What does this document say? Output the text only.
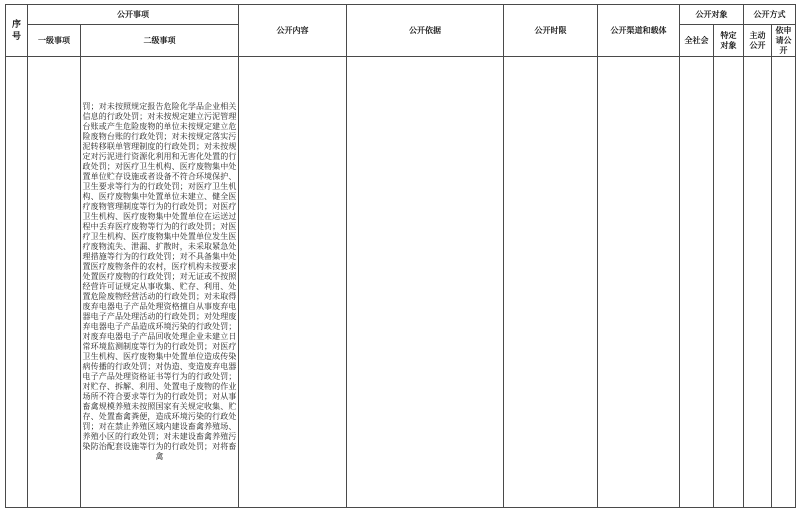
序号	公开事项		公开内容	公开依据	公开时限	公开渠道和载体	公开对象		公开方式	
	一级事项	二级事项					全社会	特定对象	主动公开	依申请公开
		罚；对未按照规定报告危险化学品企业相关信息的行政处罚；对未按规定建立污泥管理台账或产生危险废物的单位未按规定建立危险废物台账的行政处罚；对未按规定落实污泥转移联单管理制度的行政处罚；对未按规定对污泥进行资源化利用和无害化处置的行政处罚；对医疗卫生机构、医疗废物集中处置单位贮存设施或者设备不符合环境保护、卫生要求等行为的行政处罚；对医疗卫生机构、医疗废物集中处置单位未建立、健全医疗废物管理制度等行为的行政处罚；对医疗卫生机构、医疗废物集中处置单位在运送过程中丢弃医疗废物等行为的行政处罚；对医疗卫生机构、医疗废物集中处置单位发生医疗废物流失、泄漏、扩散时，未采取紧急处理措施等行为的行政处罚；对不具备集中处置医疗废物条件的农村，医疗机构未按要求处置医疗废物的行政处罚；对无证或不按照经营许可证规定从事收集、贮存、利用、处置危险废物经营活动的行政处罚；对未取得废弃电器电子产品处理资格擅自从事废弃电器电子产品处理活动的行政处罚；对处理废弃电器电子产品造成环境污染的行政处罚；对废弃电器电子产品回收处理企业未建立日常环境监测制度等行为的行政处罚；对医疗卫生机构、医疗废物集中处置单位造成传染病传播的行政处罚；对伪造、变造废弃电器电子产品处理资格证书等行为的行政处罚；对贮存、拆解、利用、处置电子废物的作业场所不符合要求等行为的行政处罚；对从事畜禽规模养殖未按照国家有关规定收集、贮存、处置畜禽粪便，造成环境污染的行政处罚；对在禁止养殖区域内建设畜禽养殖场、养殖小区的行政处罚；对未建设畜禽养殖污染防治配套设施等行为的行政处罚；对将畜禽								
